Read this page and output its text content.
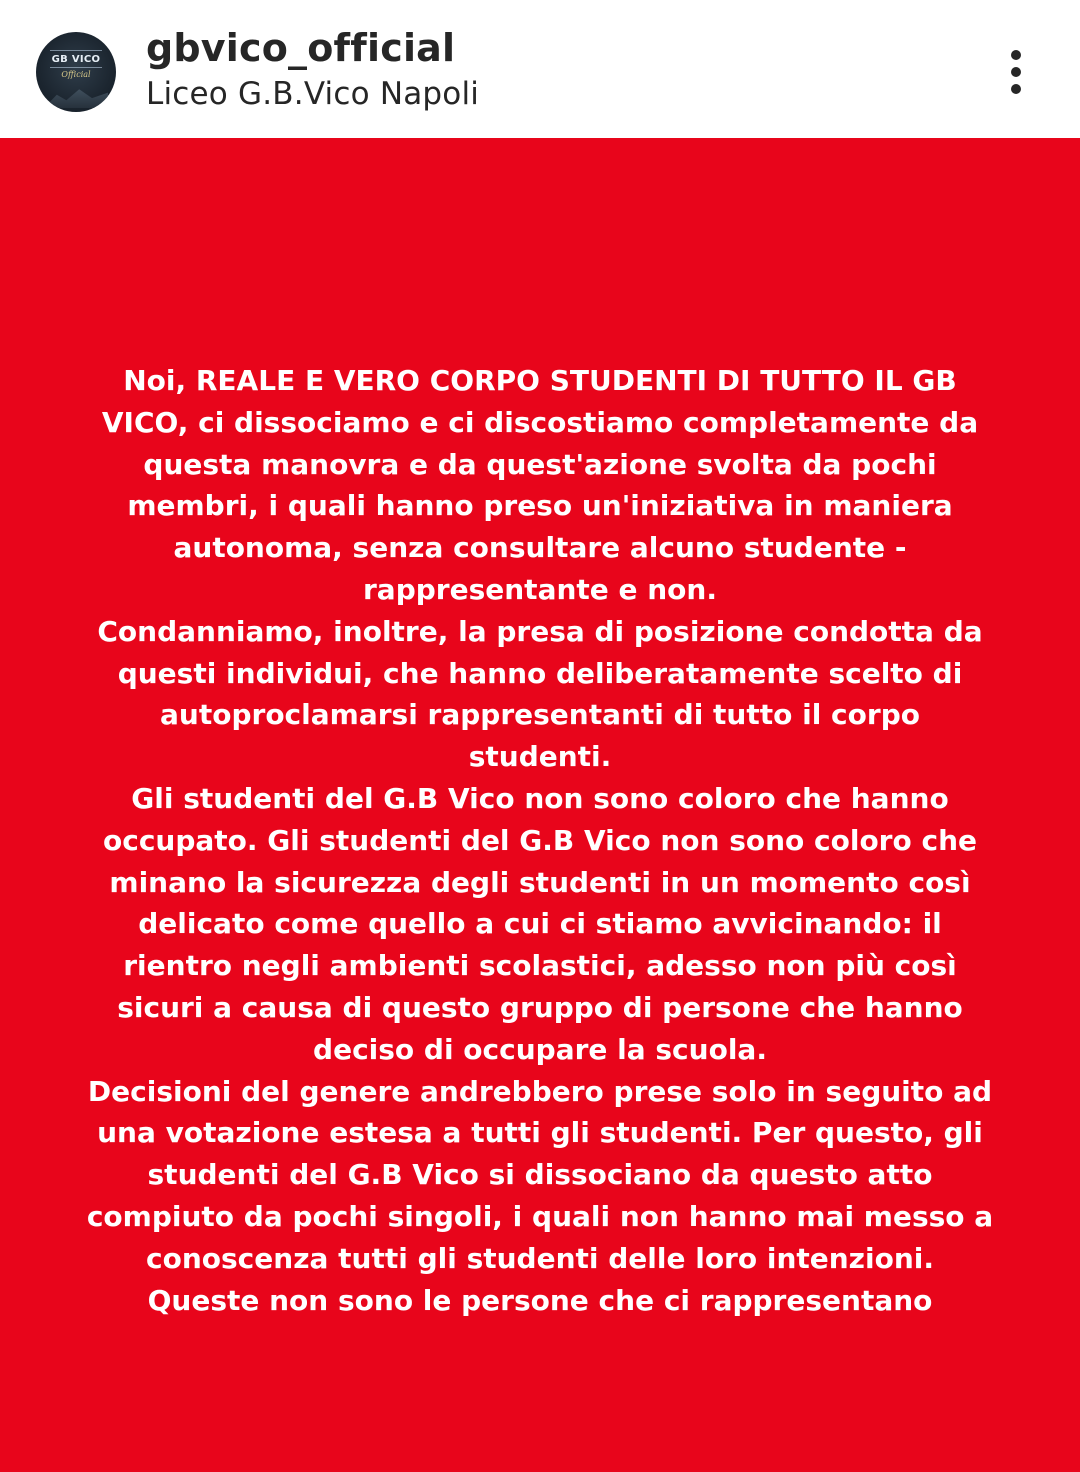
GB VICO
Official
gbvico_official
Liceo G.B.Vico Napoli

Noi, REALE E VERO CORPO STUDENTI DI TUTTO IL GB
VICO, ci dissociamo e ci discostiamo completamente da
questa manovra e da quest'azione svolta da pochi
membri, i quali hanno preso un'iniziativa in maniera
autonoma, senza consultare alcuno studente -
rappresentante e non.
Condanniamo, inoltre, la presa di posizione condotta da
questi individui, che hanno deliberatamente scelto di
autoproclamarsi rappresentanti di tutto il corpo
studenti.
Gli studenti del G.B Vico non sono coloro che hanno
occupato. Gli studenti del G.B Vico non sono coloro che
minano la sicurezza degli studenti in un momento così
delicato come quello a cui ci stiamo avvicinando: il
rientro negli ambienti scolastici, adesso non più così
sicuri a causa di questo gruppo di persone che hanno
deciso di occupare la scuola.
Decisioni del genere andrebbero prese solo in seguito ad
una votazione estesa a tutti gli studenti. Per questo, gli
studenti del G.B Vico si dissociano da questo atto
compiuto da pochi singoli, i quali non hanno mai messo a
conoscenza tutti gli studenti delle loro intenzioni.
Queste non sono le persone che ci rappresentano
